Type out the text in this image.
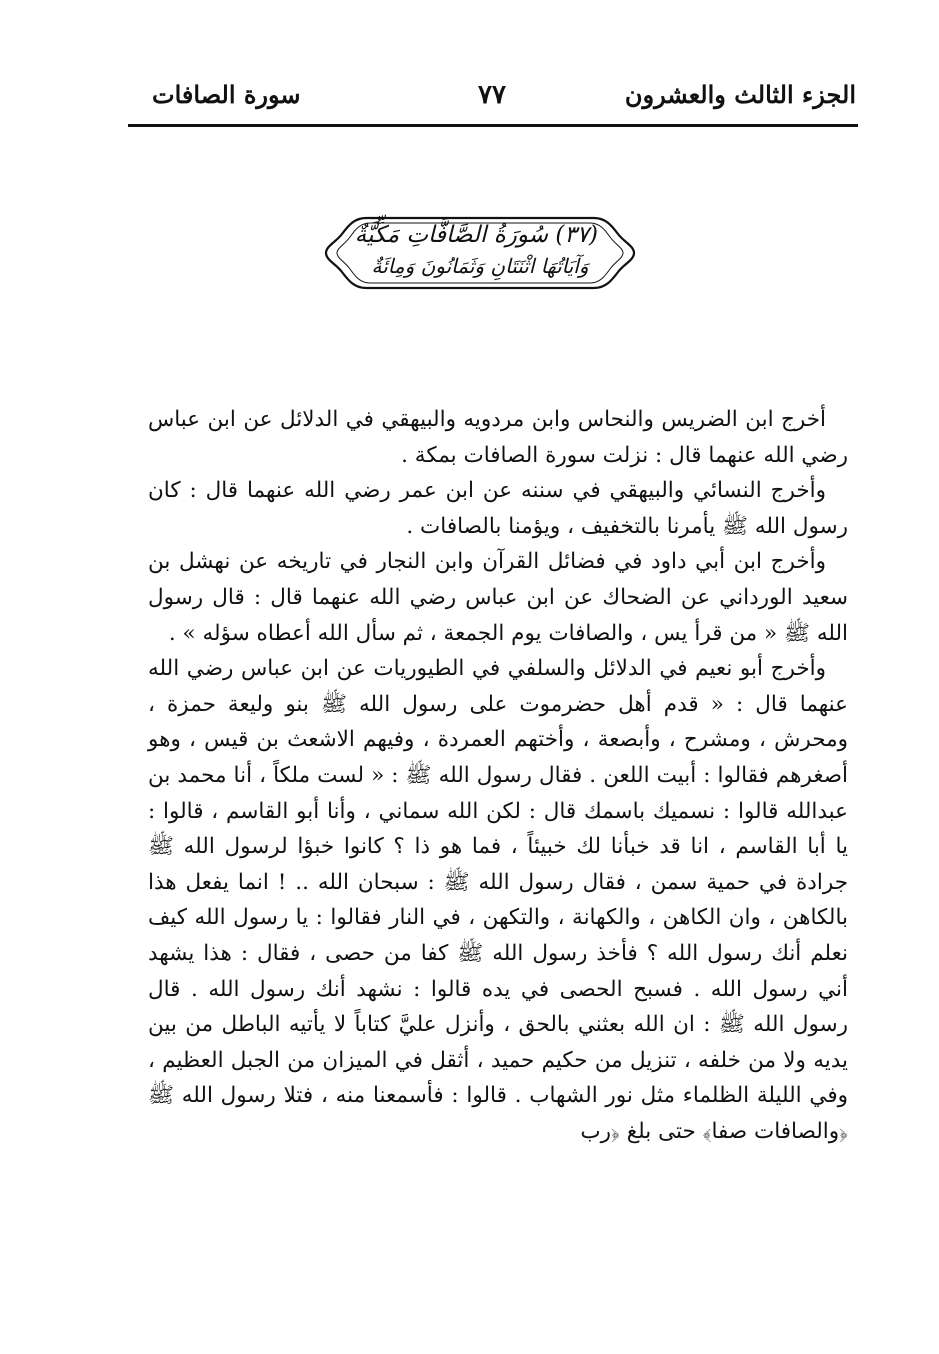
الجزء الثالث والعشرون
٧٧
سورة الصافات
(٣٧) سُورَةُ الصَّافَّاتِ مَكِّيَّةٌ
وَآيَاتُهَا اثْنَتَانِ وَثَمَانُونَ وَمِائَةٌ

أخرج ابن الضريس والنحاس وابن مردويه والبيهقي في الدلائل عن ابن عباس رضي الله عنهما قال : نزلت سورة الصافات بمكة .

وأخرج النسائي والبيهقي في سننه عن ابن عمر رضي الله عنهما قال : كان رسول الله ﷺ يأمرنا بالتخفيف ، ويؤمنا بالصافات .

وأخرج ابن أبي داود في فضائل القرآن وابن النجار في تاريخه عن نهشل بن سعيد الورداني عن الضحاك عن ابن عباس رضي الله عنهما قال : قال رسول الله ﷺ « من قرأ يس ، والصافات يوم الجمعة ، ثم سأل الله أعطاه سؤله » .

وأخرج أبو نعيم في الدلائل والسلفي في الطيوريات عن ابن عباس رضي الله عنهما قال : « قدم أهل حضرموت على رسول الله ﷺ بنو وليعة حمزة ، ومحرش ، ومشرح ، وأبصعة ، وأختهم العمردة ، وفيهم الاشعث بن قيس ، وهو أصغرهم فقالوا : أبيت اللعن . فقال رسول الله ﷺ : « لست ملكاً ، أنا محمد بن عبدالله قالوا : نسميك باسمك قال : لكن الله سماني ، وأنا أبو القاسم ، قالوا : يا أبا القاسم ، انا قد خبأنا لك خبيئاً ، فما هو ذا ؟ كانوا خبؤا لرسول الله ﷺ جرادة في حمية سمن ، فقال رسول الله ﷺ : سبحان الله .. ! انما يفعل هذا بالكاهن ، وان الكاهن ، والكهانة ، والتكهن ، في النار فقالوا : يا رسول الله كيف نعلم أنك رسول الله ؟ فأخذ رسول الله ﷺ كفا من حصى ، فقال : هذا يشهد أني رسول الله . فسبح الحصى في يده قالوا : نشهد أنك رسول الله . قال رسول الله ﷺ : ان الله بعثني بالحق ، وأنزل عليَّ كتاباً لا يأتيه الباطل من بين يديه ولا من خلفه ، تنزيل من حكيم حميد ، أثقل في الميزان من الجبل العظيم ، وفي الليلة الظلماء مثل نور الشهاب . قالوا : فأسمعنا منه ، فتلا رسول الله ﷺ ﴿والصافات صفا﴾ حتى بلغ ﴿رب
